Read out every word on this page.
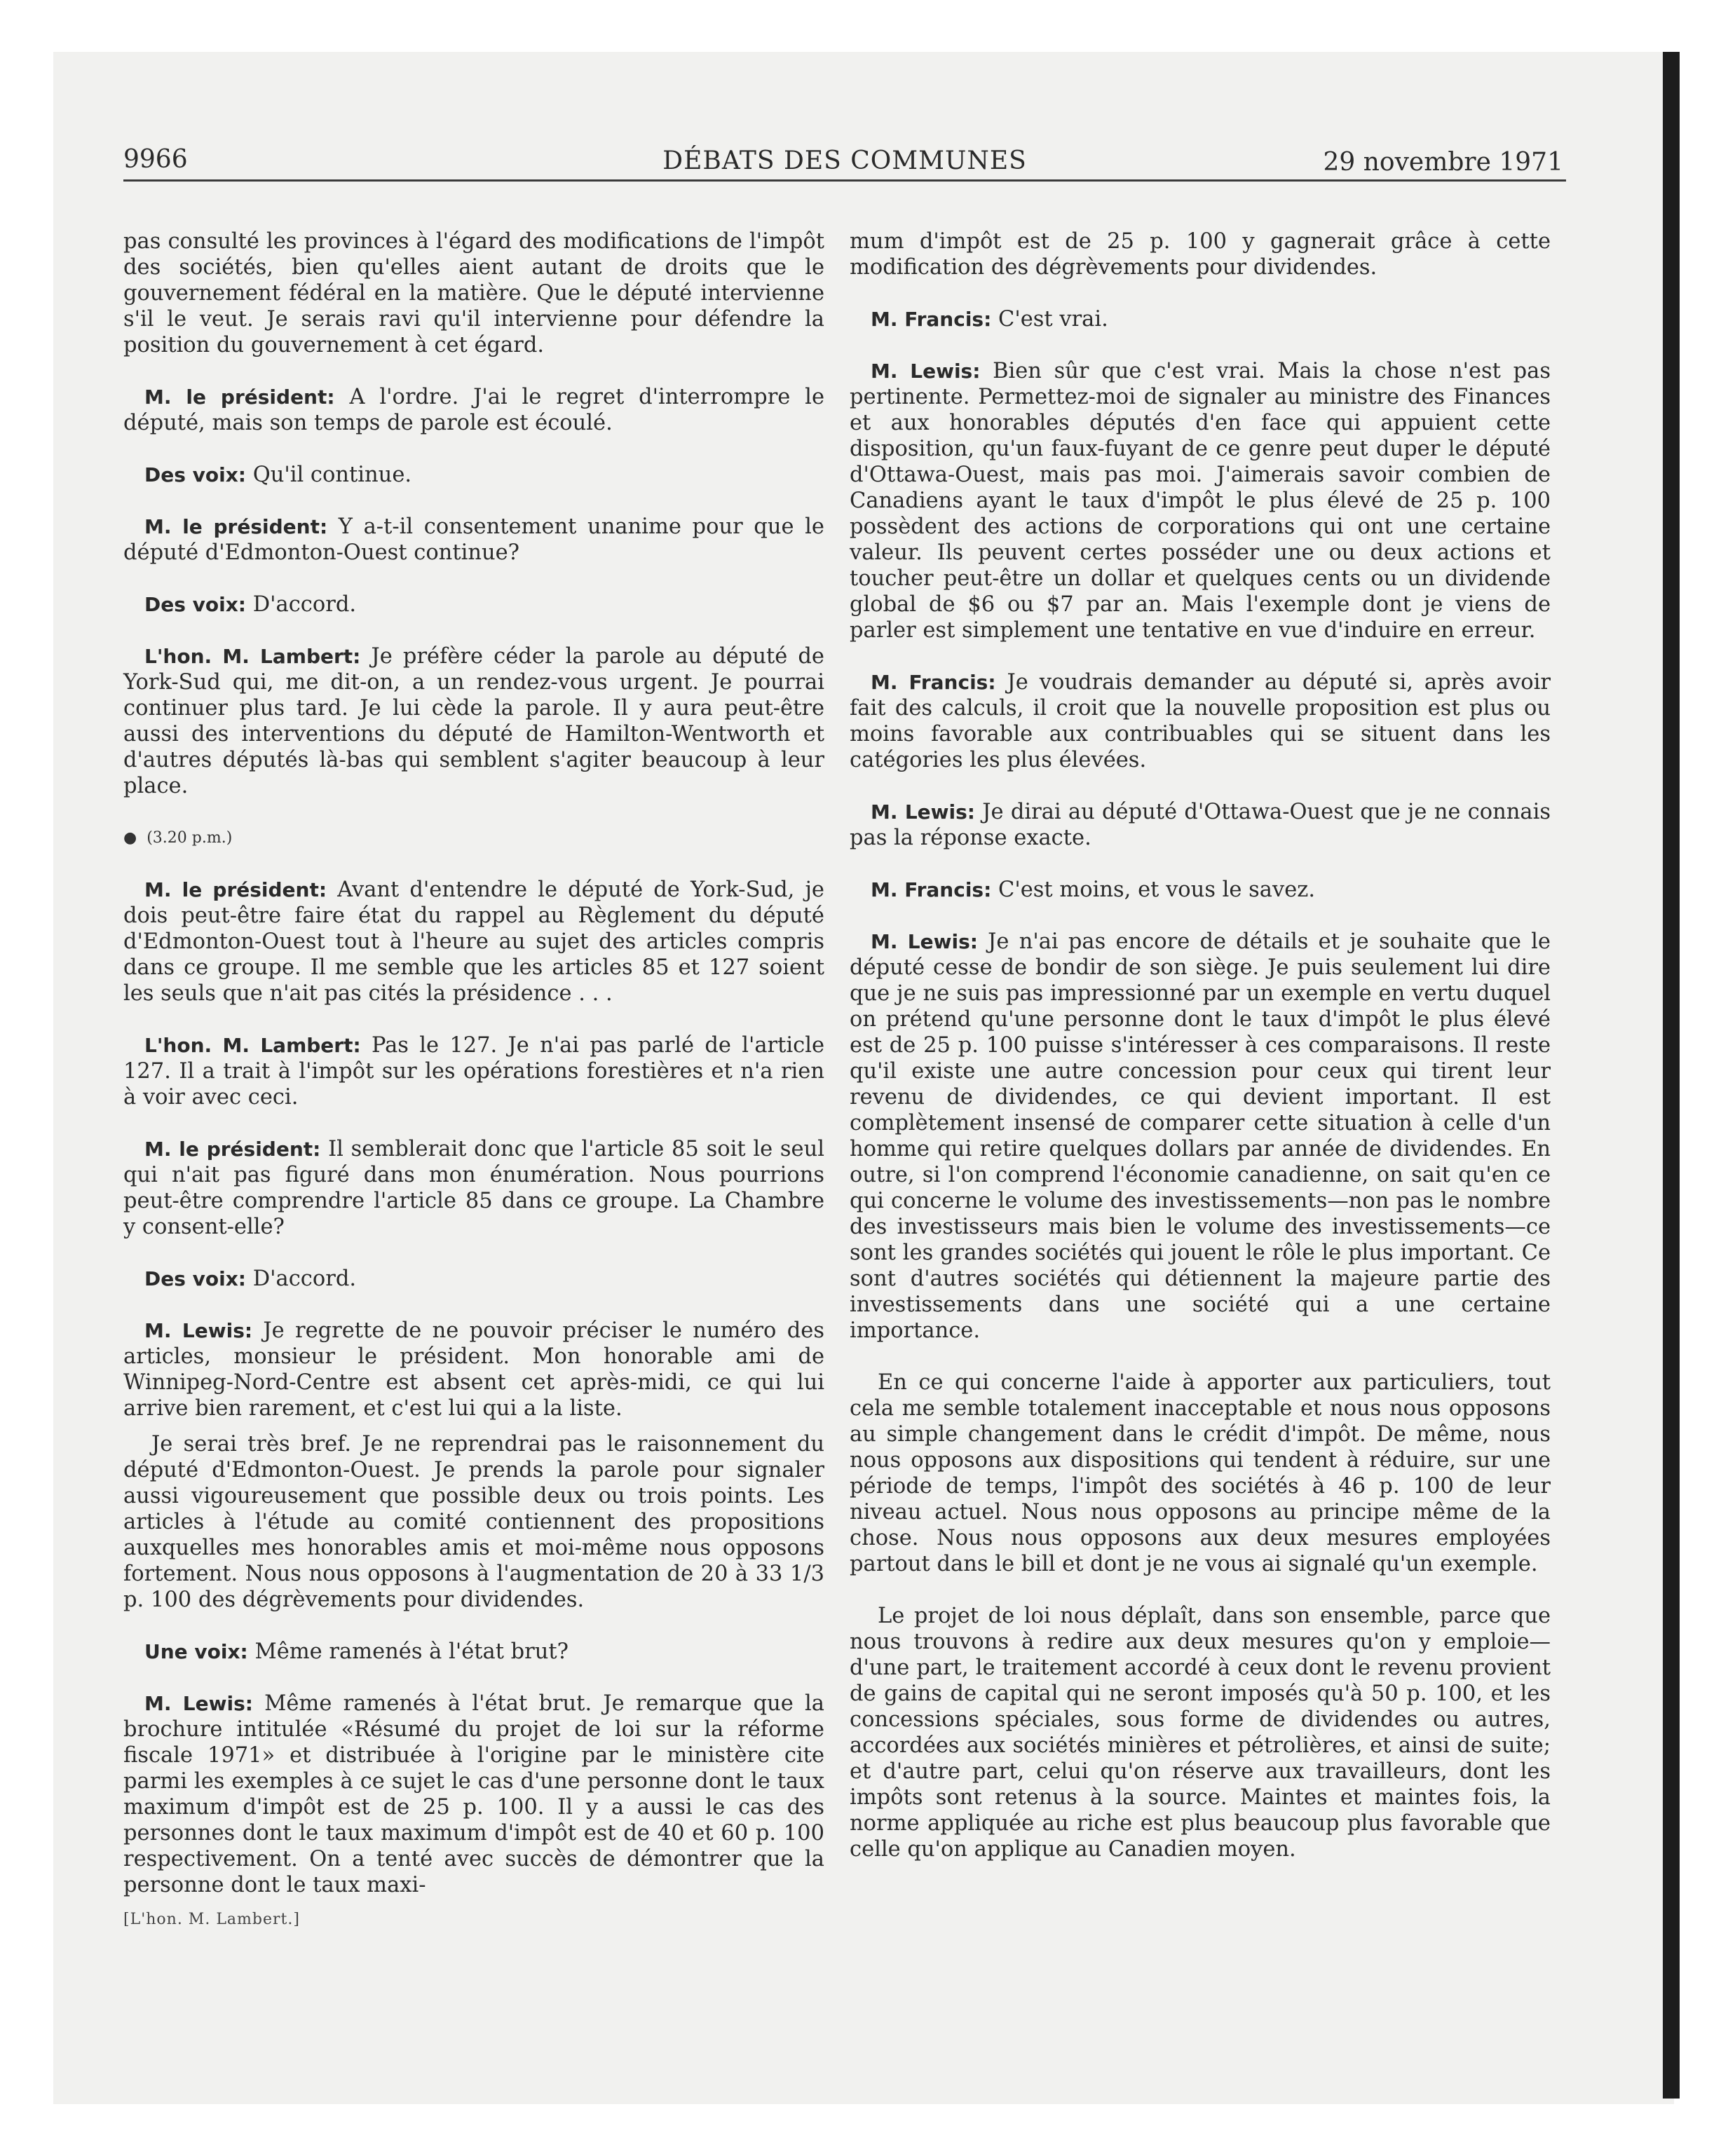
9966	DÉBATS DES COMMUNES	29 novembre 1971

pas consulté les provinces à l'égard des modifications de l'impôt des sociétés, bien qu'elles aient autant de droits que le gouvernement fédéral en la matière. Que le député intervienne s'il le veut. Je serais ravi qu'il intervienne pour défendre la position du gouvernement à cet égard.

M. le président: A l'ordre. J'ai le regret d'interrompre le député, mais son temps de parole est écoulé.

Des voix: Qu'il continue.

M. le président: Y a-t-il consentement unanime pour que le député d'Edmonton-Ouest continue?

Des voix: D'accord.

L'hon. M. Lambert: Je préfère céder la parole au député de York-Sud qui, me dit-on, a un rendez-vous urgent. Je pourrai continuer plus tard. Je lui cède la parole. Il y aura peut-être aussi des interventions du député de Hamilton-Wentworth et d'autres députés là-bas qui semblent s'agiter beaucoup à leur place.

● (3.20 p.m.)

M. le président: Avant d'entendre le député de York-Sud, je dois peut-être faire état du rappel au Règlement du député d'Edmonton-Ouest tout à l'heure au sujet des articles compris dans ce groupe. Il me semble que les articles 85 et 127 soient les seuls que n'ait pas cités la présidence . . .

L'hon. M. Lambert: Pas le 127. Je n'ai pas parlé de l'article 127. Il a trait à l'impôt sur les opérations forestières et n'a rien à voir avec ceci.

M. le président: Il semblerait donc que l'article 85 soit le seul qui n'ait pas figuré dans mon énumération. Nous pourrions peut-être comprendre l'article 85 dans ce groupe. La Chambre y consent-elle?

Des voix: D'accord.

M. Lewis: Je regrette de ne pouvoir préciser le numéro des articles, monsieur le président. Mon honorable ami de Winnipeg-Nord-Centre est absent cet après-midi, ce qui lui arrive bien rarement, et c'est lui qui a la liste.

Je serai très bref. Je ne reprendrai pas le raisonnement du député d'Edmonton-Ouest. Je prends la parole pour signaler aussi vigoureusement que possible deux ou trois points. Les articles à l'étude au comité contiennent des propositions auxquelles mes honorables amis et moi-même nous opposons fortement. Nous nous opposons à l'augmentation de 20 à 33 1/3 p. 100 des dégrèvements pour dividendes.

Une voix: Même ramenés à l'état brut?

M. Lewis: Même ramenés à l'état brut. Je remarque que la brochure intitulée «Résumé du projet de loi sur la réforme fiscale 1971» et distribuée à l'origine par le ministère cite parmi les exemples à ce sujet le cas d'une personne dont le taux maximum d'impôt est de 25 p. 100. Il y a aussi le cas des personnes dont le taux maximum d'impôt est de 40 et 60 p. 100 respectivement. On a tenté avec succès de démontrer que la personne dont le taux maxi-

[L'hon. M. Lambert.]

mum d'impôt est de 25 p. 100 y gagnerait grâce à cette modification des dégrèvements pour dividendes.

M. Francis: C'est vrai.

M. Lewis: Bien sûr que c'est vrai. Mais la chose n'est pas pertinente. Permettez-moi de signaler au ministre des Finances et aux honorables députés d'en face qui appuient cette disposition, qu'un faux-fuyant de ce genre peut duper le député d'Ottawa-Ouest, mais pas moi. J'aimerais savoir combien de Canadiens ayant le taux d'impôt le plus élevé de 25 p. 100 possèdent des actions de corporations qui ont une certaine valeur. Ils peuvent certes posséder une ou deux actions et toucher peut-être un dollar et quelques cents ou un dividende global de $6 ou $7 par an. Mais l'exemple dont je viens de parler est simplement une tentative en vue d'induire en erreur.

M. Francis: Je voudrais demander au député si, après avoir fait des calculs, il croit que la nouvelle proposition est plus ou moins favorable aux contribuables qui se situent dans les catégories les plus élevées.

M. Lewis: Je dirai au député d'Ottawa-Ouest que je ne connais pas la réponse exacte.

M. Francis: C'est moins, et vous le savez.

M. Lewis: Je n'ai pas encore de détails et je souhaite que le député cesse de bondir de son siège. Je puis seulement lui dire que je ne suis pas impressionné par un exemple en vertu duquel on prétend qu'une personne dont le taux d'impôt le plus élevé est de 25 p. 100 puisse s'intéresser à ces comparaisons. Il reste qu'il existe une autre concession pour ceux qui tirent leur revenu de dividendes, ce qui devient important. Il est complètement insensé de comparer cette situation à celle d'un homme qui retire quelques dollars par année de dividendes. En outre, si l'on comprend l'économie canadienne, on sait qu'en ce qui concerne le volume des investissements—non pas le nombre des investisseurs mais bien le volume des investissements—ce sont les grandes sociétés qui jouent le rôle le plus important. Ce sont d'autres sociétés qui détiennent la majeure partie des investissements dans une société qui a une certaine importance.

En ce qui concerne l'aide à apporter aux particuliers, tout cela me semble totalement inacceptable et nous nous opposons au simple changement dans le crédit d'impôt. De même, nous nous opposons aux dispositions qui tendent à réduire, sur une période de temps, l'impôt des sociétés à 46 p. 100 de leur niveau actuel. Nous nous opposons au principe même de la chose. Nous nous opposons aux deux mesures employées partout dans le bill et dont je ne vous ai signalé qu'un exemple.

Le projet de loi nous déplaît, dans son ensemble, parce que nous trouvons à redire aux deux mesures qu'on y emploie—d'une part, le traitement accordé à ceux dont le revenu provient de gains de capital qui ne seront imposés qu'à 50 p. 100, et les concessions spéciales, sous forme de dividendes ou autres, accordées aux sociétés minières et pétrolières, et ainsi de suite; et d'autre part, celui qu'on réserve aux travailleurs, dont les impôts sont retenus à la source. Maintes et maintes fois, la norme appliquée au riche est plus beaucoup plus favorable que celle qu'on applique au Canadien moyen.
